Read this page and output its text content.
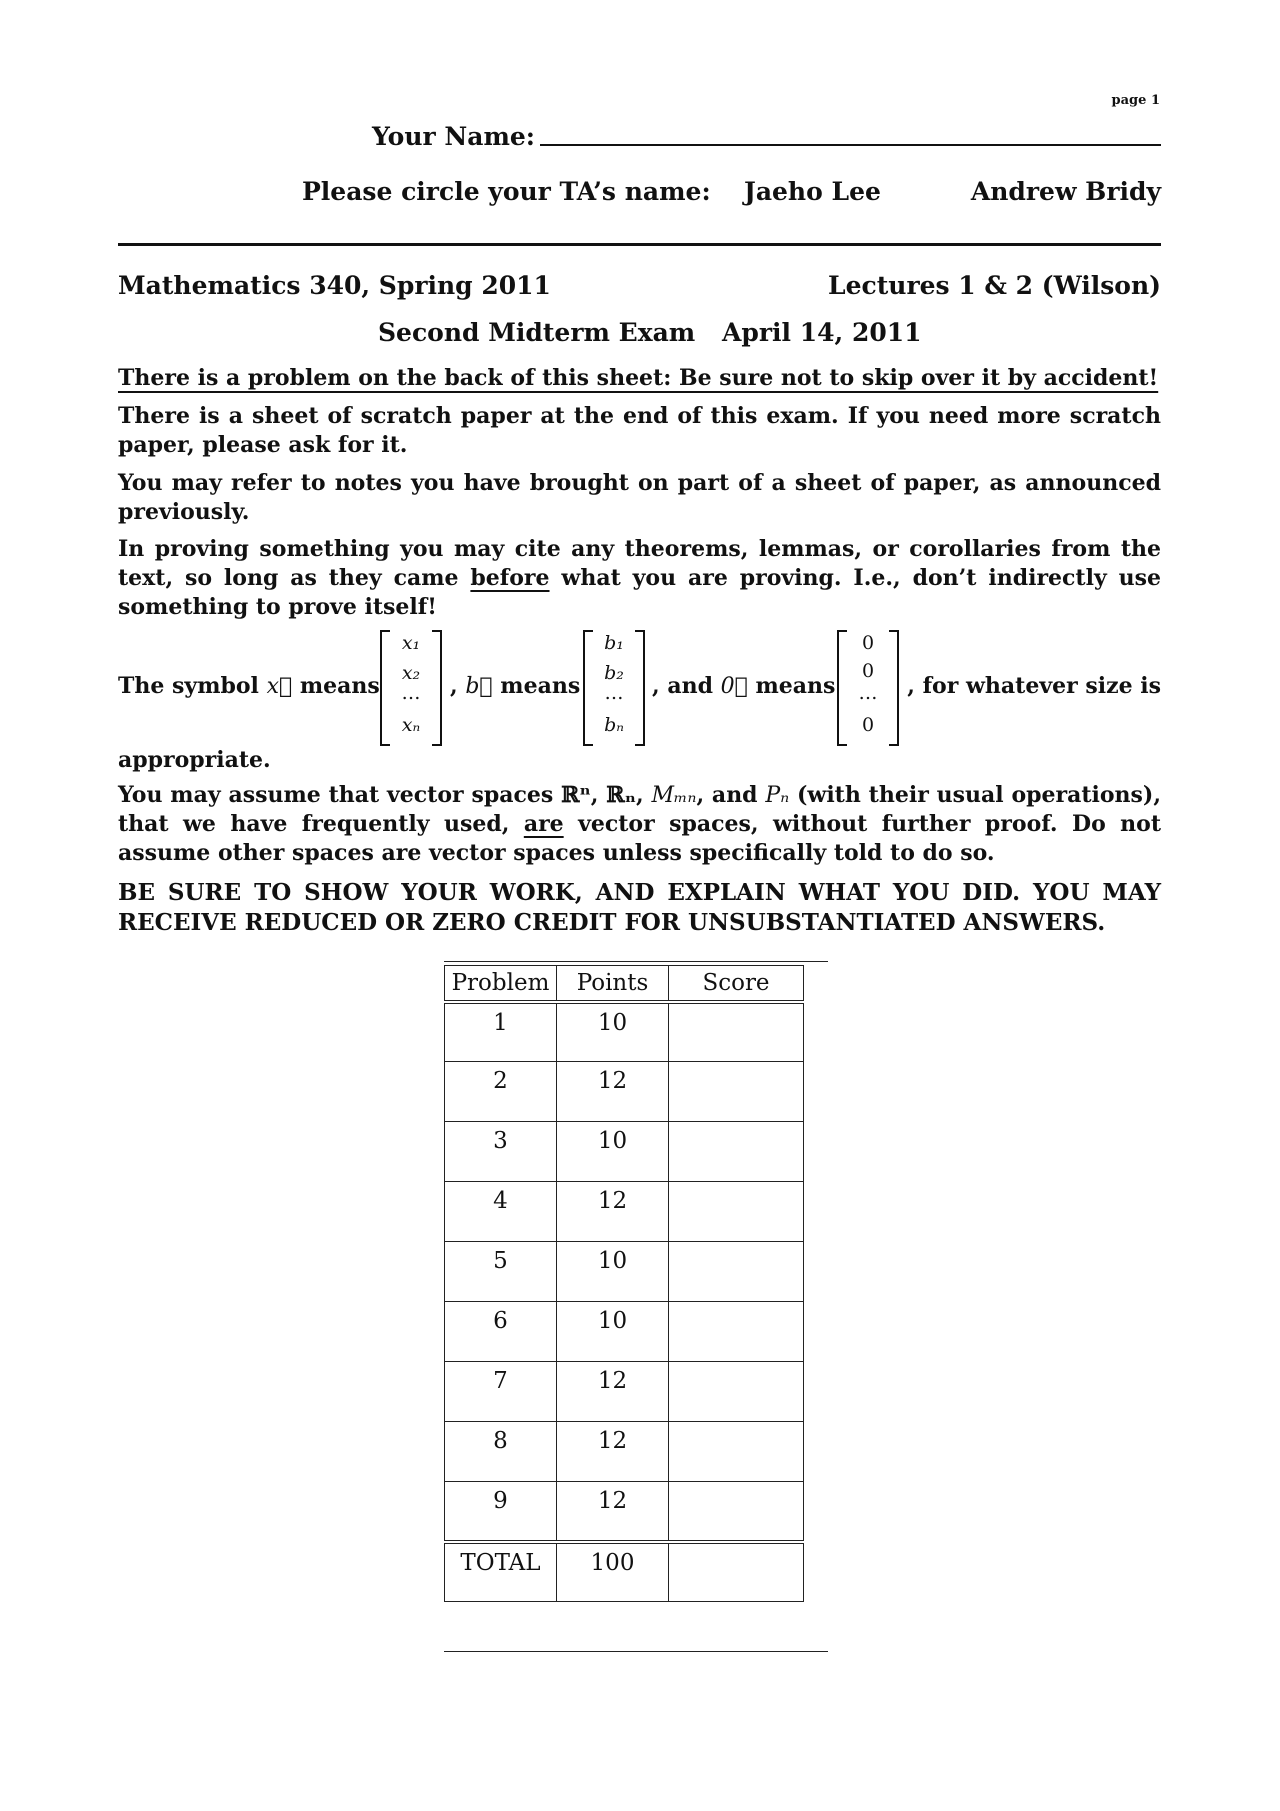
page 1
Your Name:
Please circle your TA’s name: Jaeho Lee	Andrew Bridy
Mathematics 340, Spring 2011	Lectures 1 & 2 (Wilson)
Second Midterm Exam April 14, 2011
There is a problem on the back of this sheet: Be sure not to skip over it by accident!
There is a sheet of scratch paper at the end of this exam. If you need more scratch paper, please ask for it.
You may refer to notes you have brought on part of a sheet of paper, as announced previously.
In proving something you may cite any theorems, lemmas, or corollaries from the text, so long as they came before what you are proving. I.e., don’t indirectly use something to prove itself!
The symbol x⃗ means
x₁
x₂
…
xₙ
, b⃗ means
b₁
b₂
…
bₙ
, and 0⃗ means
0
0
…
0
, for whatever size is
appropriate.
You may assume that vector spaces ℝⁿ, ℝₙ, Mₘₙ, and Pₙ (with their usual operations), that we have frequently used, are vector spaces, without further proof. Do not assume other spaces are vector spaces unless specifically told to do so.
BE SURE TO SHOW YOUR WORK, AND EXPLAIN WHAT YOU DID. YOU MAY RECEIVE REDUCED OR ZERO CREDIT FOR UNSUBSTANTIATED ANSWERS.
Problem	Points	Score
1	10	
2	12	
3	10	
4	12	
5	10	
6	10	
7	12	
8	12	
9	12	
TOTAL	100	
